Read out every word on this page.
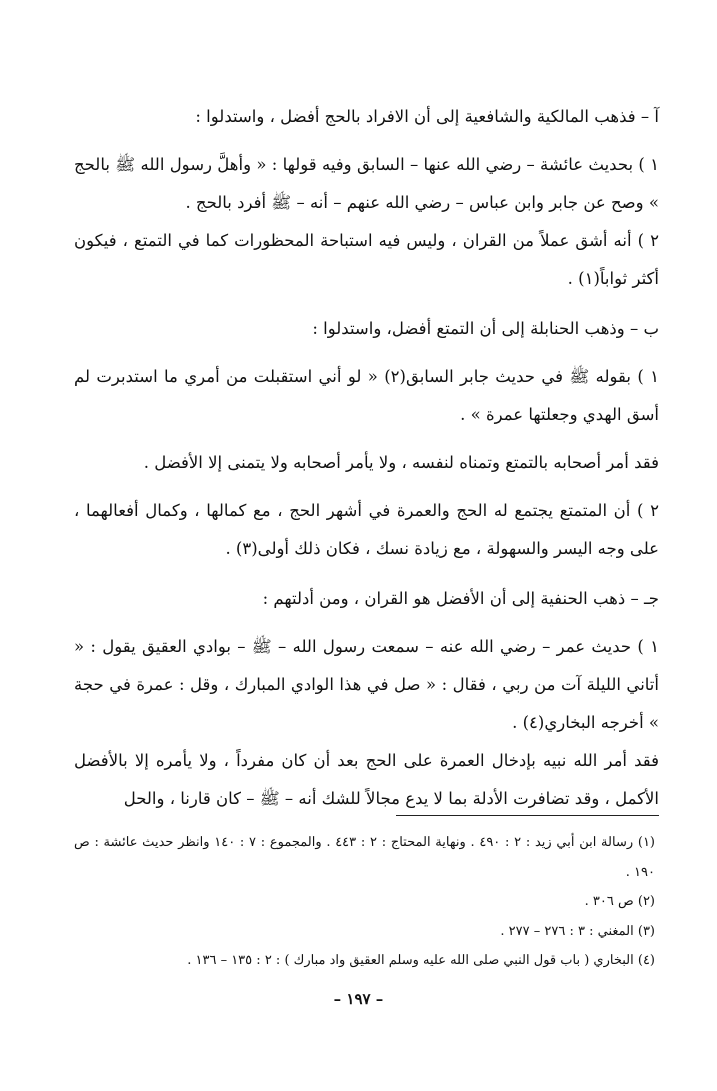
آ – فذهب المالكية والشافعية إلى أن الافراد بالحج أفضل ، واستدلوا :

١ ) بحديث عائشة – رضي الله عنها – السابق وفيه قولها : « وأهلَّ رسول الله ﷺ بالحج » وصح عن جابر وابن عباس – رضي الله عنهم – أنه – ﷺ أفرد بالحج .

٢ ) أنه أشق عملاً من القران ، وليس فيه استباحة المحظورات كما في التمتع ، فيكون أكثر ثواباً(١) .

ب – وذهب الحنابلة إلى أن التمتع أفضل، واستدلوا :

١ ) بقوله ﷺ في حديث جابر السابق(٢) « لو أني استقبلت من أمري ما استدبرت لم أسق الهدي وجعلتها عمرة » .

فقد أمر أصحابه بالتمتع وتمناه لنفسه ، ولا يأمر أصحابه ولا يتمنى إلا الأفضل .

٢ ) أن المتمتع يجتمع له الحج والعمرة في أشهر الحج ، مع كمالها ، وكمال أفعالهما ، على وجه اليسر والسهولة ، مع زيادة نسك ، فكان ذلك أولى(٣) .

جـ – ذهب الحنفية إلى أن الأفضل هو القران ، ومن أدلتهم :

١ ) حديث عمر – رضي الله عنه – سمعت رسول الله – ﷺ – بوادي العقيق يقول : « أتاني الليلة آت من ربي ، فقال : « صل في هذا الوادي المبارك ، وقل : عمرة في حجة » أخرجه البخاري(٤) .

فقد أمر الله نبيه بإدخال العمرة على الحج بعد أن كان مفرداً ، ولا يأمره إلا بالأفضل الأكمل ، وقد تضافرت الأدلة بما لا يدع مجالاً للشك أنه – ﷺ – كان قارنا ، والحل

(١) رسالة ابن أبي زيد : ٢ : ٤٩٠ . ونهاية المحتاج : ٢ : ٤٤٣ . والمجموع : ٧ : ١٤٠ وانظر حديث عائشة : ص ١٩٠ .

(٢) ص ٣٠٦ .

(٣) المغني : ٣ : ٢٧٦ – ٢٧٧ .

(٤) البخاري ( باب قول النبي صلى الله عليه وسلم العقيق واد مبارك ) : ٢ : ١٣٥ – ١٣٦ .

– ١٩٧ –
